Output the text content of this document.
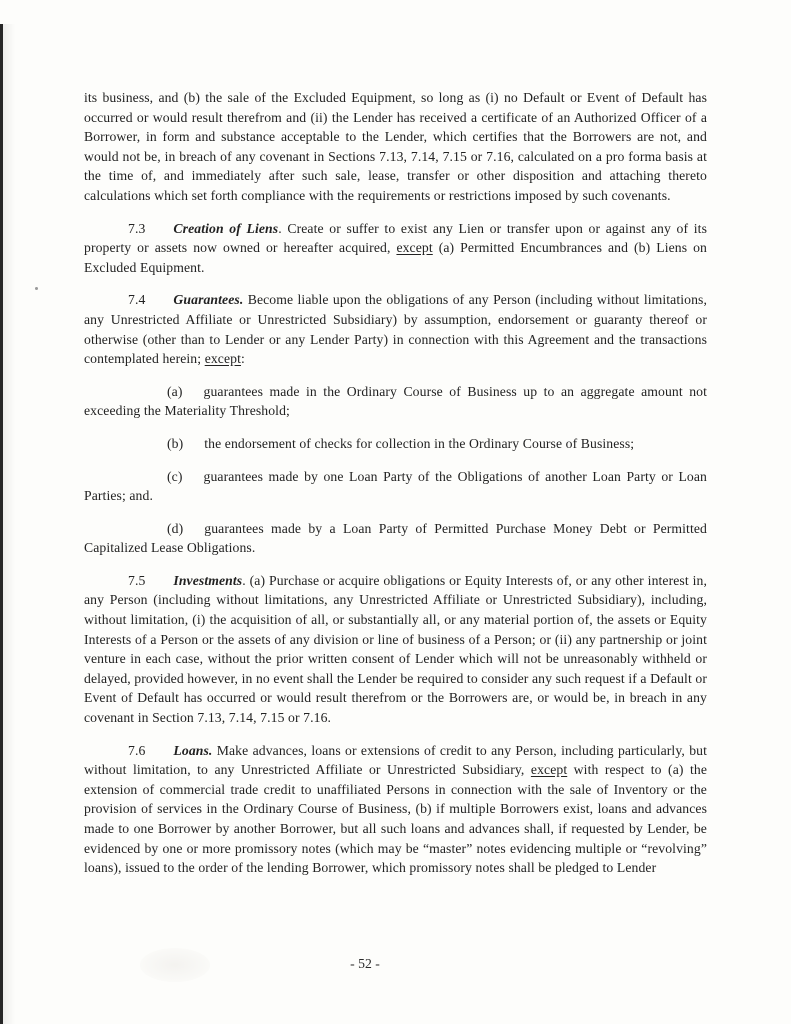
its business, and (b) the sale of the Excluded Equipment, so long as (i) no Default or Event of Default has occurred or would result therefrom and (ii) the Lender has received a certificate of an Authorized Officer of a Borrower, in form and substance acceptable to the Lender, which certifies that the Borrowers are not, and would not be, in breach of any covenant in Sections 7.13, 7.14, 7.15 or 7.16, calculated on a pro forma basis at the time of, and immediately after such sale, lease, transfer or other disposition and attaching thereto calculations which set forth compliance with the requirements or restrictions imposed by such covenants.

7.3 Creation of Liens. Create or suffer to exist any Lien or transfer upon or against any of its property or assets now owned or hereafter acquired, except (a) Permitted Encumbrances and (b) Liens on Excluded Equipment.

7.4 Guarantees. Become liable upon the obligations of any Person (including without limitations, any Unrestricted Affiliate or Unrestricted Subsidiary) by assumption, endorsement or guaranty thereof or otherwise (other than to Lender or any Lender Party) in connection with this Agreement and the transactions contemplated herein; except:

(a) guarantees made in the Ordinary Course of Business up to an aggregate amount not exceeding the Materiality Threshold;

(b) the endorsement of checks for collection in the Ordinary Course of Business;

(c) guarantees made by one Loan Party of the Obligations of another Loan Party or Loan Parties; and.

(d) guarantees made by a Loan Party of Permitted Purchase Money Debt or Permitted Capitalized Lease Obligations.

7.5 Investments. (a) Purchase or acquire obligations or Equity Interests of, or any other interest in, any Person (including without limitations, any Unrestricted Affiliate or Unrestricted Subsidiary), including, without limitation, (i) the acquisition of all, or substantially all, or any material portion of, the assets or Equity Interests of a Person or the assets of any division or line of business of a Person; or (ii) any partnership or joint venture in each case, without the prior written consent of Lender which will not be unreasonably withheld or delayed, provided however, in no event shall the Lender be required to consider any such request if a Default or Event of Default has occurred or would result therefrom or the Borrowers are, or would be, in breach in any covenant in Section 7.13, 7.14, 7.15 or 7.16.

7.6 Loans. Make advances, loans or extensions of credit to any Person, including particularly, but without limitation, to any Unrestricted Affiliate or Unrestricted Subsidiary, except with respect to (a) the extension of commercial trade credit to unaffiliated Persons in connection with the sale of Inventory or the provision of services in the Ordinary Course of Business, (b) if multiple Borrowers exist, loans and advances made to one Borrower by another Borrower, but all such loans and advances shall, if requested by Lender, be evidenced by one or more promissory notes (which may be “master” notes evidencing multiple or “revolving” loans), issued to the order of the lending Borrower, which promissory notes shall be pledged to Lender

- 52 -
